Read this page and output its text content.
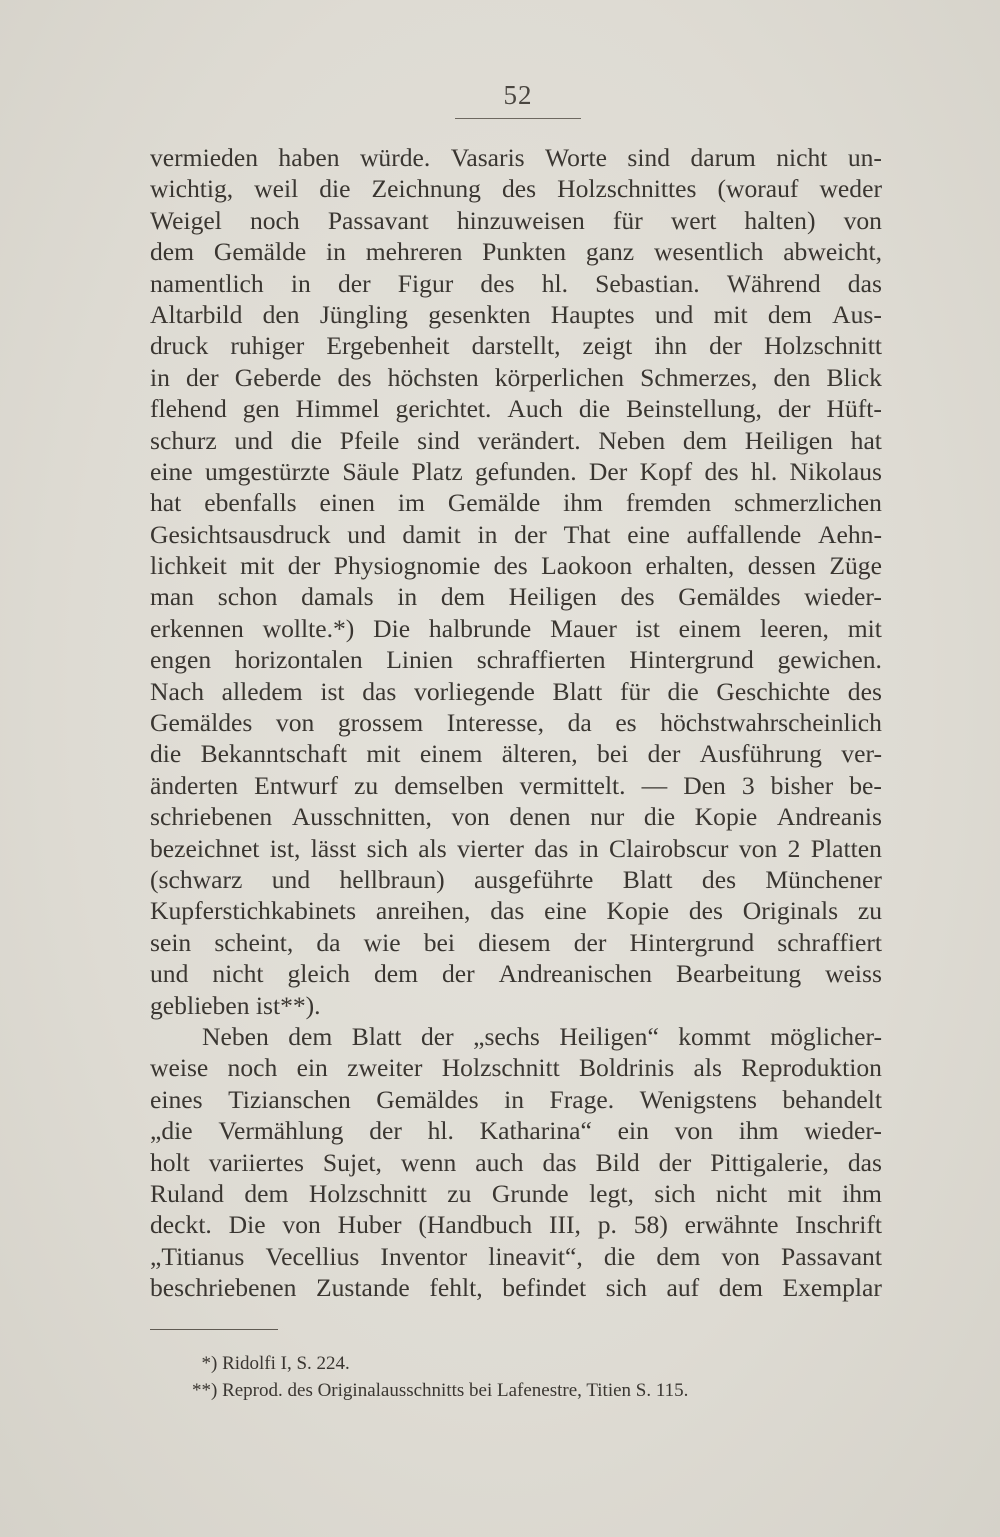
52
vermieden haben würde. Vasaris Worte sind darum nicht un-
wichtig, weil die Zeichnung des Holzschnittes (worauf weder
Weigel noch Passavant hinzuweisen für wert halten) von
dem Gemälde in mehreren Punkten ganz wesentlich abweicht,
namentlich in der Figur des hl. Sebastian. Während das
Altarbild den Jüngling gesenkten Hauptes und mit dem Aus-
druck ruhiger Ergebenheit darstellt, zeigt ihn der Holzschnitt
in der Geberde des höchsten körperlichen Schmerzes, den Blick
flehend gen Himmel gerichtet. Auch die Beinstellung, der Hüft-
schurz und die Pfeile sind verändert. Neben dem Heiligen hat
eine umgestürzte Säule Platz gefunden. Der Kopf des hl. Nikolaus
hat ebenfalls einen im Gemälde ihm fremden schmerzlichen
Gesichtsausdruck und damit in der That eine auffallende Aehn-
lichkeit mit der Physiognomie des Laokoon erhalten, dessen Züge
man schon damals in dem Heiligen des Gemäldes wieder-
erkennen wollte.*) Die halbrunde Mauer ist einem leeren, mit
engen horizontalen Linien schraffierten Hintergrund gewichen.
Nach alledem ist das vorliegende Blatt für die Geschichte des
Gemäldes von grossem Interesse, da es höchstwahrscheinlich
die Bekanntschaft mit einem älteren, bei der Ausführung ver-
änderten Entwurf zu demselben vermittelt. — Den 3 bisher be-
schriebenen Ausschnitten, von denen nur die Kopie Andreanis
bezeichnet ist, lässt sich als vierter das in Clairobscur von 2 Platten
(schwarz und hellbraun) ausgeführte Blatt des Münchener
Kupferstichkabinets anreihen, das eine Kopie des Originals zu
sein scheint, da wie bei diesem der Hintergrund schraffiert
und nicht gleich dem der Andreanischen Bearbeitung weiss
geblieben ist**).
Neben dem Blatt der „sechs Heiligen“ kommt möglicher-
weise noch ein zweiter Holzschnitt Boldrinis als Reproduktion
eines Tizianschen Gemäldes in Frage. Wenigstens behandelt
„die Vermählung der hl. Katharina“ ein von ihm wieder-
holt variiertes Sujet, wenn auch das Bild der Pittigalerie, das
Ruland dem Holzschnitt zu Grunde legt, sich nicht mit ihm
deckt. Die von Huber (Handbuch III, p. 58) erwähnte Inschrift
„Titianus Vecellius Inventor lineavit“, die dem von Passavant
beschriebenen Zustande fehlt, befindet sich auf dem Exemplar
*) Ridolfi I, S. 224.
**) Reprod. des Originalausschnitts bei Lafenestre, Titien S. 115.
